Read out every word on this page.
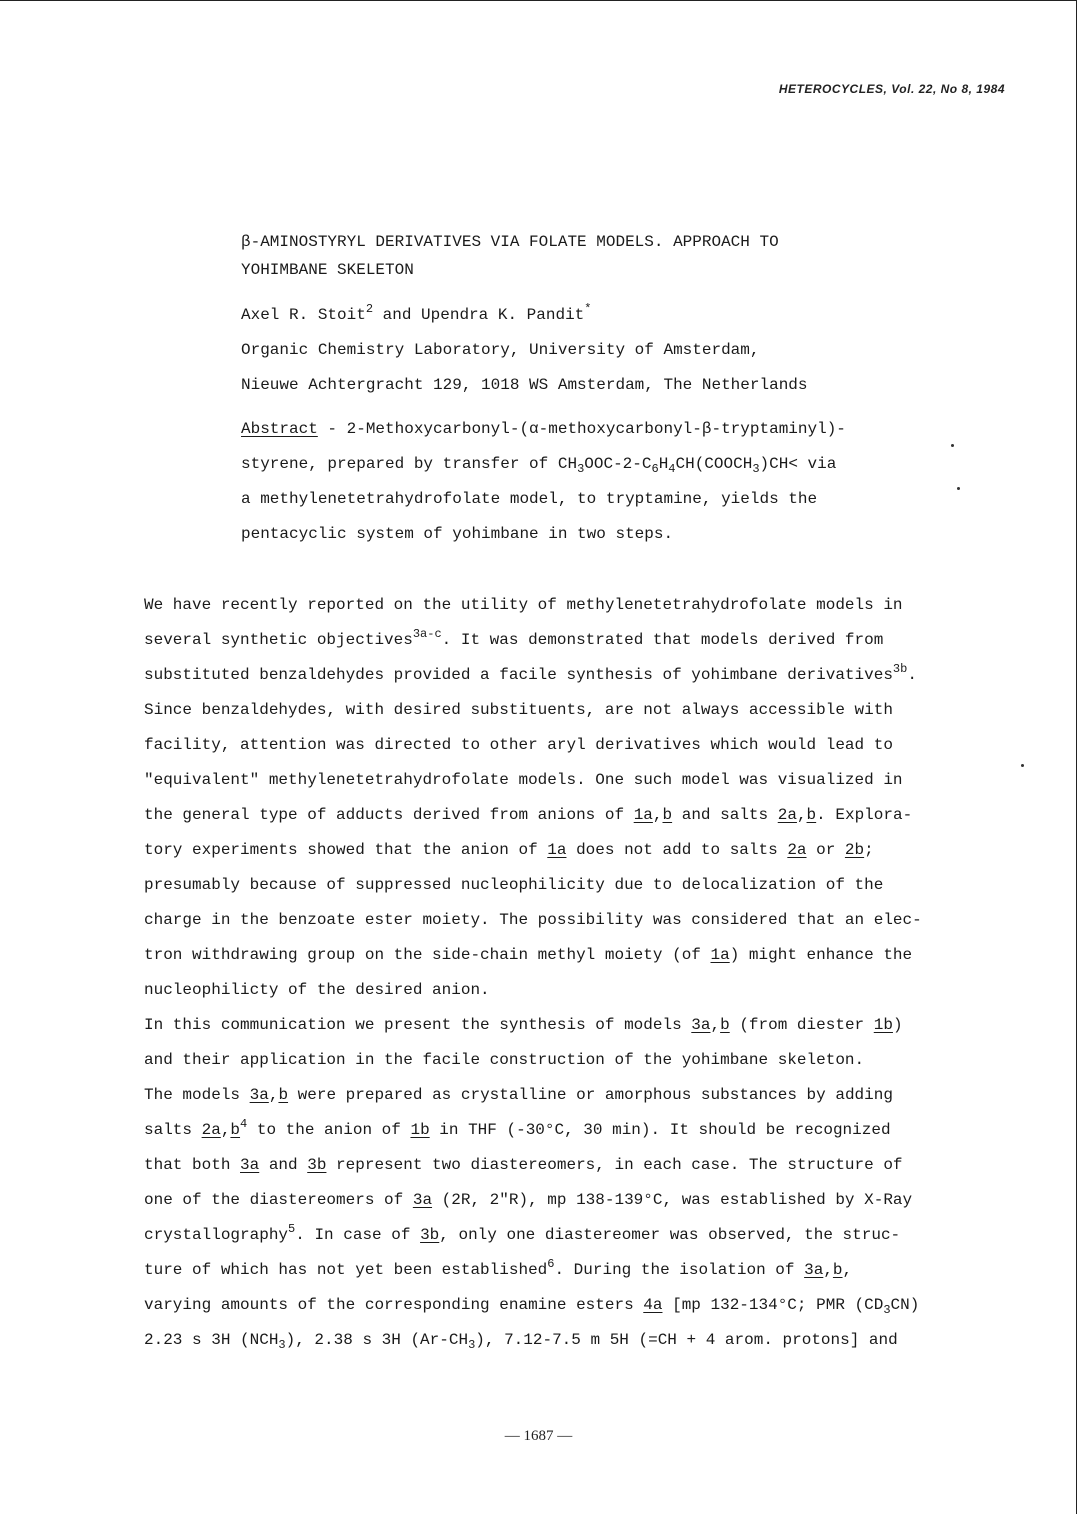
HETEROCYCLES, Vol. 22, No 8, 1984
β-AMINOSTYRYL DERIVATIVES VIA FOLATE MODELS. APPROACH TO
YOHIMBANE SKELETON
Axel R. Stoit$^2$ and Upendra K. Pandit*
Organic Chemistry Laboratory, University of Amsterdam,
Nieuwe Achtergracht 129, 1018 WS Amsterdam, The Netherlands
Abstract - 2-Methoxycarbonyl-(α-methoxycarbonyl-β-tryptaminyl)-
styrene, prepared by transfer of $CH_3OOC-2-C_6H_4CH(COOCH_3)CH<$ via
a methylenetetrahydrofolate model, to tryptamine, yields the
pentacyclic system of yohimbane in two steps.
We have recently reported on the utility of methylenetetrahydrofolate models in
several synthetic objectives$^{3a-c}$. It was demonstrated that models derived from
substituted benzaldehydes provided a facile synthesis of yohimbane derivatives$^{3b}$.
Since benzaldehydes, with desired substituents, are not always accessible with
facility, attention was directed to other aryl derivatives which would lead to
"equivalent" methylenetetrahydrofolate models. One such model was visualized in
the general type of adducts derived from anions of 1a,b and salts 2a,b. Explora-
tory experiments showed that the anion of 1a does not add to salts 2a or 2b;
presumably because of suppressed nucleophilicity due to delocalization of the
charge in the benzoate ester moiety. The possibility was considered that an elec-
tron withdrawing group on the side-chain methyl moiety (of 1a) might enhance the
nucleophilicty of the desired anion.
In this communication we present the synthesis of models 3a,b (from diester 1b)
and their application in the facile construction of the yohimbane skeleton.
The models 3a,b were prepared as crystalline or amorphous substances by adding
salts $2a,b^4$ to the anion of 1b in THF (-30°C, 30 min). It should be recognized
that both 3a and 3b represent two diastereomers, in each case. The structure of
one of the diastereomers of 3a (2R, 2"R), mp 138-139°C, was established by X-Ray
crystallography$^5$. In case of 3b, only one diastereomer was observed, the struc-
ture of which has not yet been established$^6$. During the isolation of 3a,b,
varying amounts of the corresponding enamine esters 4a [mp 132-134°C; PMR $(CD_3CN)$
2.23 s 3H $(NCH_3)$, 2.38 s 3H $(Ar-CH_3)$, 7.12-7.5 m 5H (=CH + 4 arom. protons] and
— 1687 —
